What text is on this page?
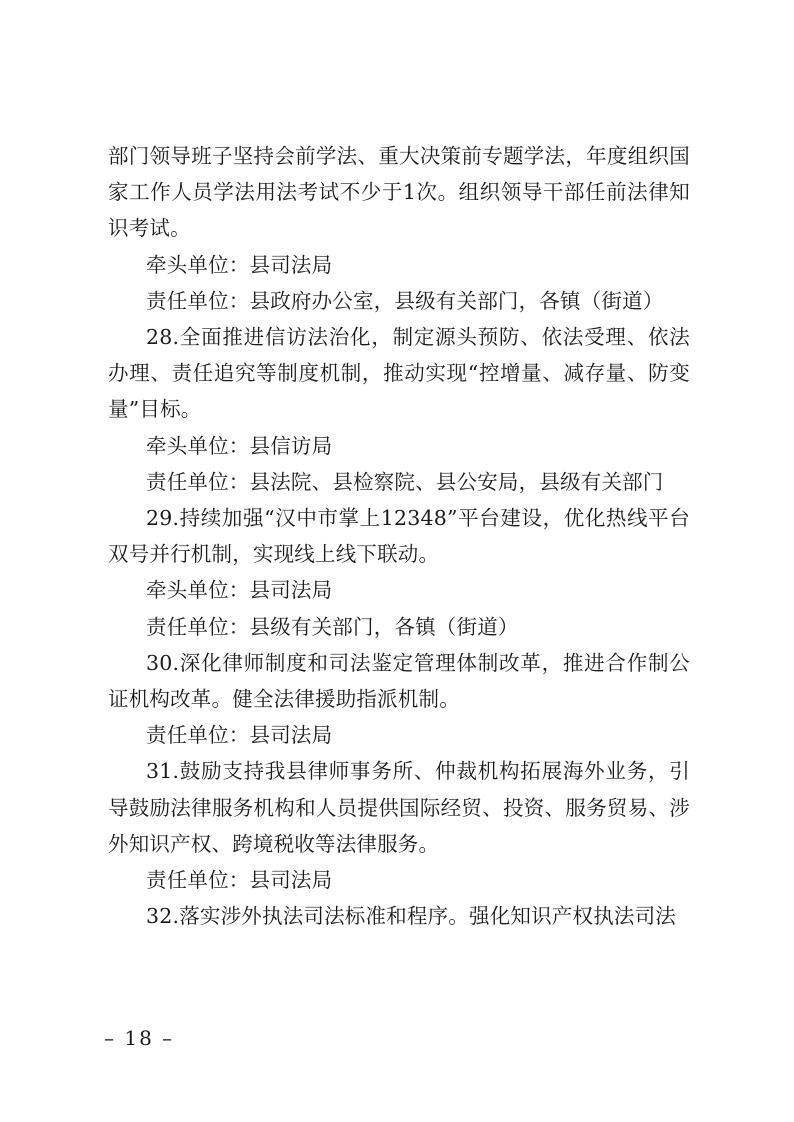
部门领导班子坚持会前学法、重大决策前专题学法，年度组织国家工作人员学法用法考试不少于1次。组织领导干部任前法律知识考试。

牵头单位：县司法局

责任单位：县政府办公室，县级有关部门，各镇（街道）

28.全面推进信访法治化，制定源头预防、依法受理、依法办理、责任追究等制度机制，推动实现“控增量、减存量、防变量”目标。

牵头单位：县信访局

责任单位：县法院、县检察院、县公安局，县级有关部门

29.持续加强“汉中市掌上12348”平台建设，优化热线平台双号并行机制，实现线上线下联动。

牵头单位：县司法局

责任单位：县级有关部门，各镇（街道）

30.深化律师制度和司法鉴定管理体制改革，推进合作制公证机构改革。健全法律援助指派机制。

责任单位：县司法局

31.鼓励支持我县律师事务所、仲裁机构拓展海外业务，引导鼓励法律服务机构和人员提供国际经贸、投资、服务贸易、涉外知识产权、跨境税收等法律服务。

责任单位：县司法局

32.落实涉外执法司法标准和程序。强化知识产权执法司法

– 18 –
